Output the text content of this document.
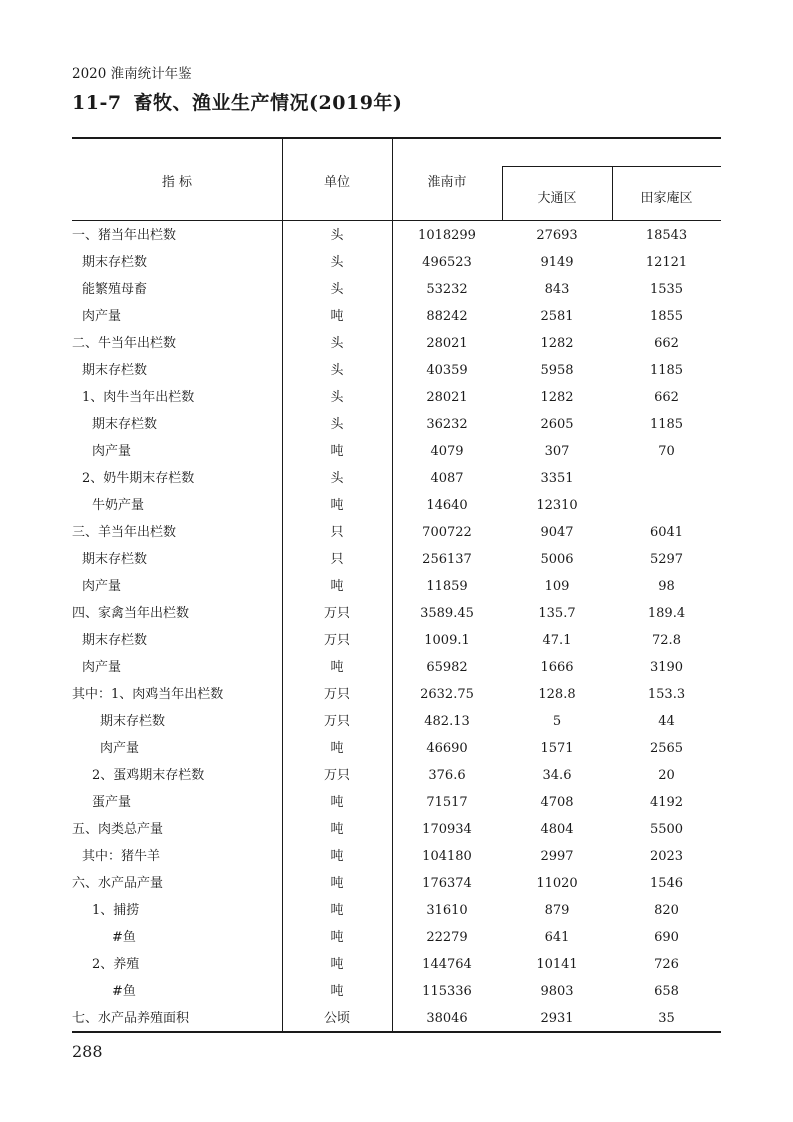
2020 淮南统计年鉴
11-7 畜牧、渔业生产情况(2019年)
指 标	单位	淮南市
大通区	田家庵区
一、猪当年出栏数	头	1018299	27693	18543
期末存栏数	头	496523	9149	12121
能繁殖母畜	头	53232	843	1535
肉产量	吨	88242	2581	1855
二、牛当年出栏数	头	28021	1282	662
期末存栏数	头	40359	5958	1185
1、肉牛当年出栏数	头	28021	1282	662
期末存栏数	头	36232	2605	1185
肉产量	吨	4079	307	70
2、奶牛期末存栏数	头	4087	3351
牛奶产量	吨	14640	12310
三、羊当年出栏数	只	700722	9047	6041
期末存栏数	只	256137	5006	5297
肉产量	吨	11859	109	98
四、家禽当年出栏数	万只	3589.45	135.7	189.4
期末存栏数	万只	1009.1	47.1	72.8
肉产量	吨	65982	1666	3190
其中：1、肉鸡当年出栏数	万只	2632.75	128.8	153.3
期末存栏数	万只	482.13	5	44
肉产量	吨	46690	1571	2565
2、蛋鸡期末存栏数	万只	376.6	34.6	20
蛋产量	吨	71517	4708	4192
五、肉类总产量	吨	170934	4804	5500
其中：猪牛羊	吨	104180	2997	2023
六、水产品产量	吨	176374	11020	1546
1、捕捞	吨	31610	879	820
#鱼	吨	22279	641	690
2、养殖	吨	144764	10141	726
#鱼	吨	115336	9803	658
七、水产品养殖面积	公顷	38046	2931	35
288
